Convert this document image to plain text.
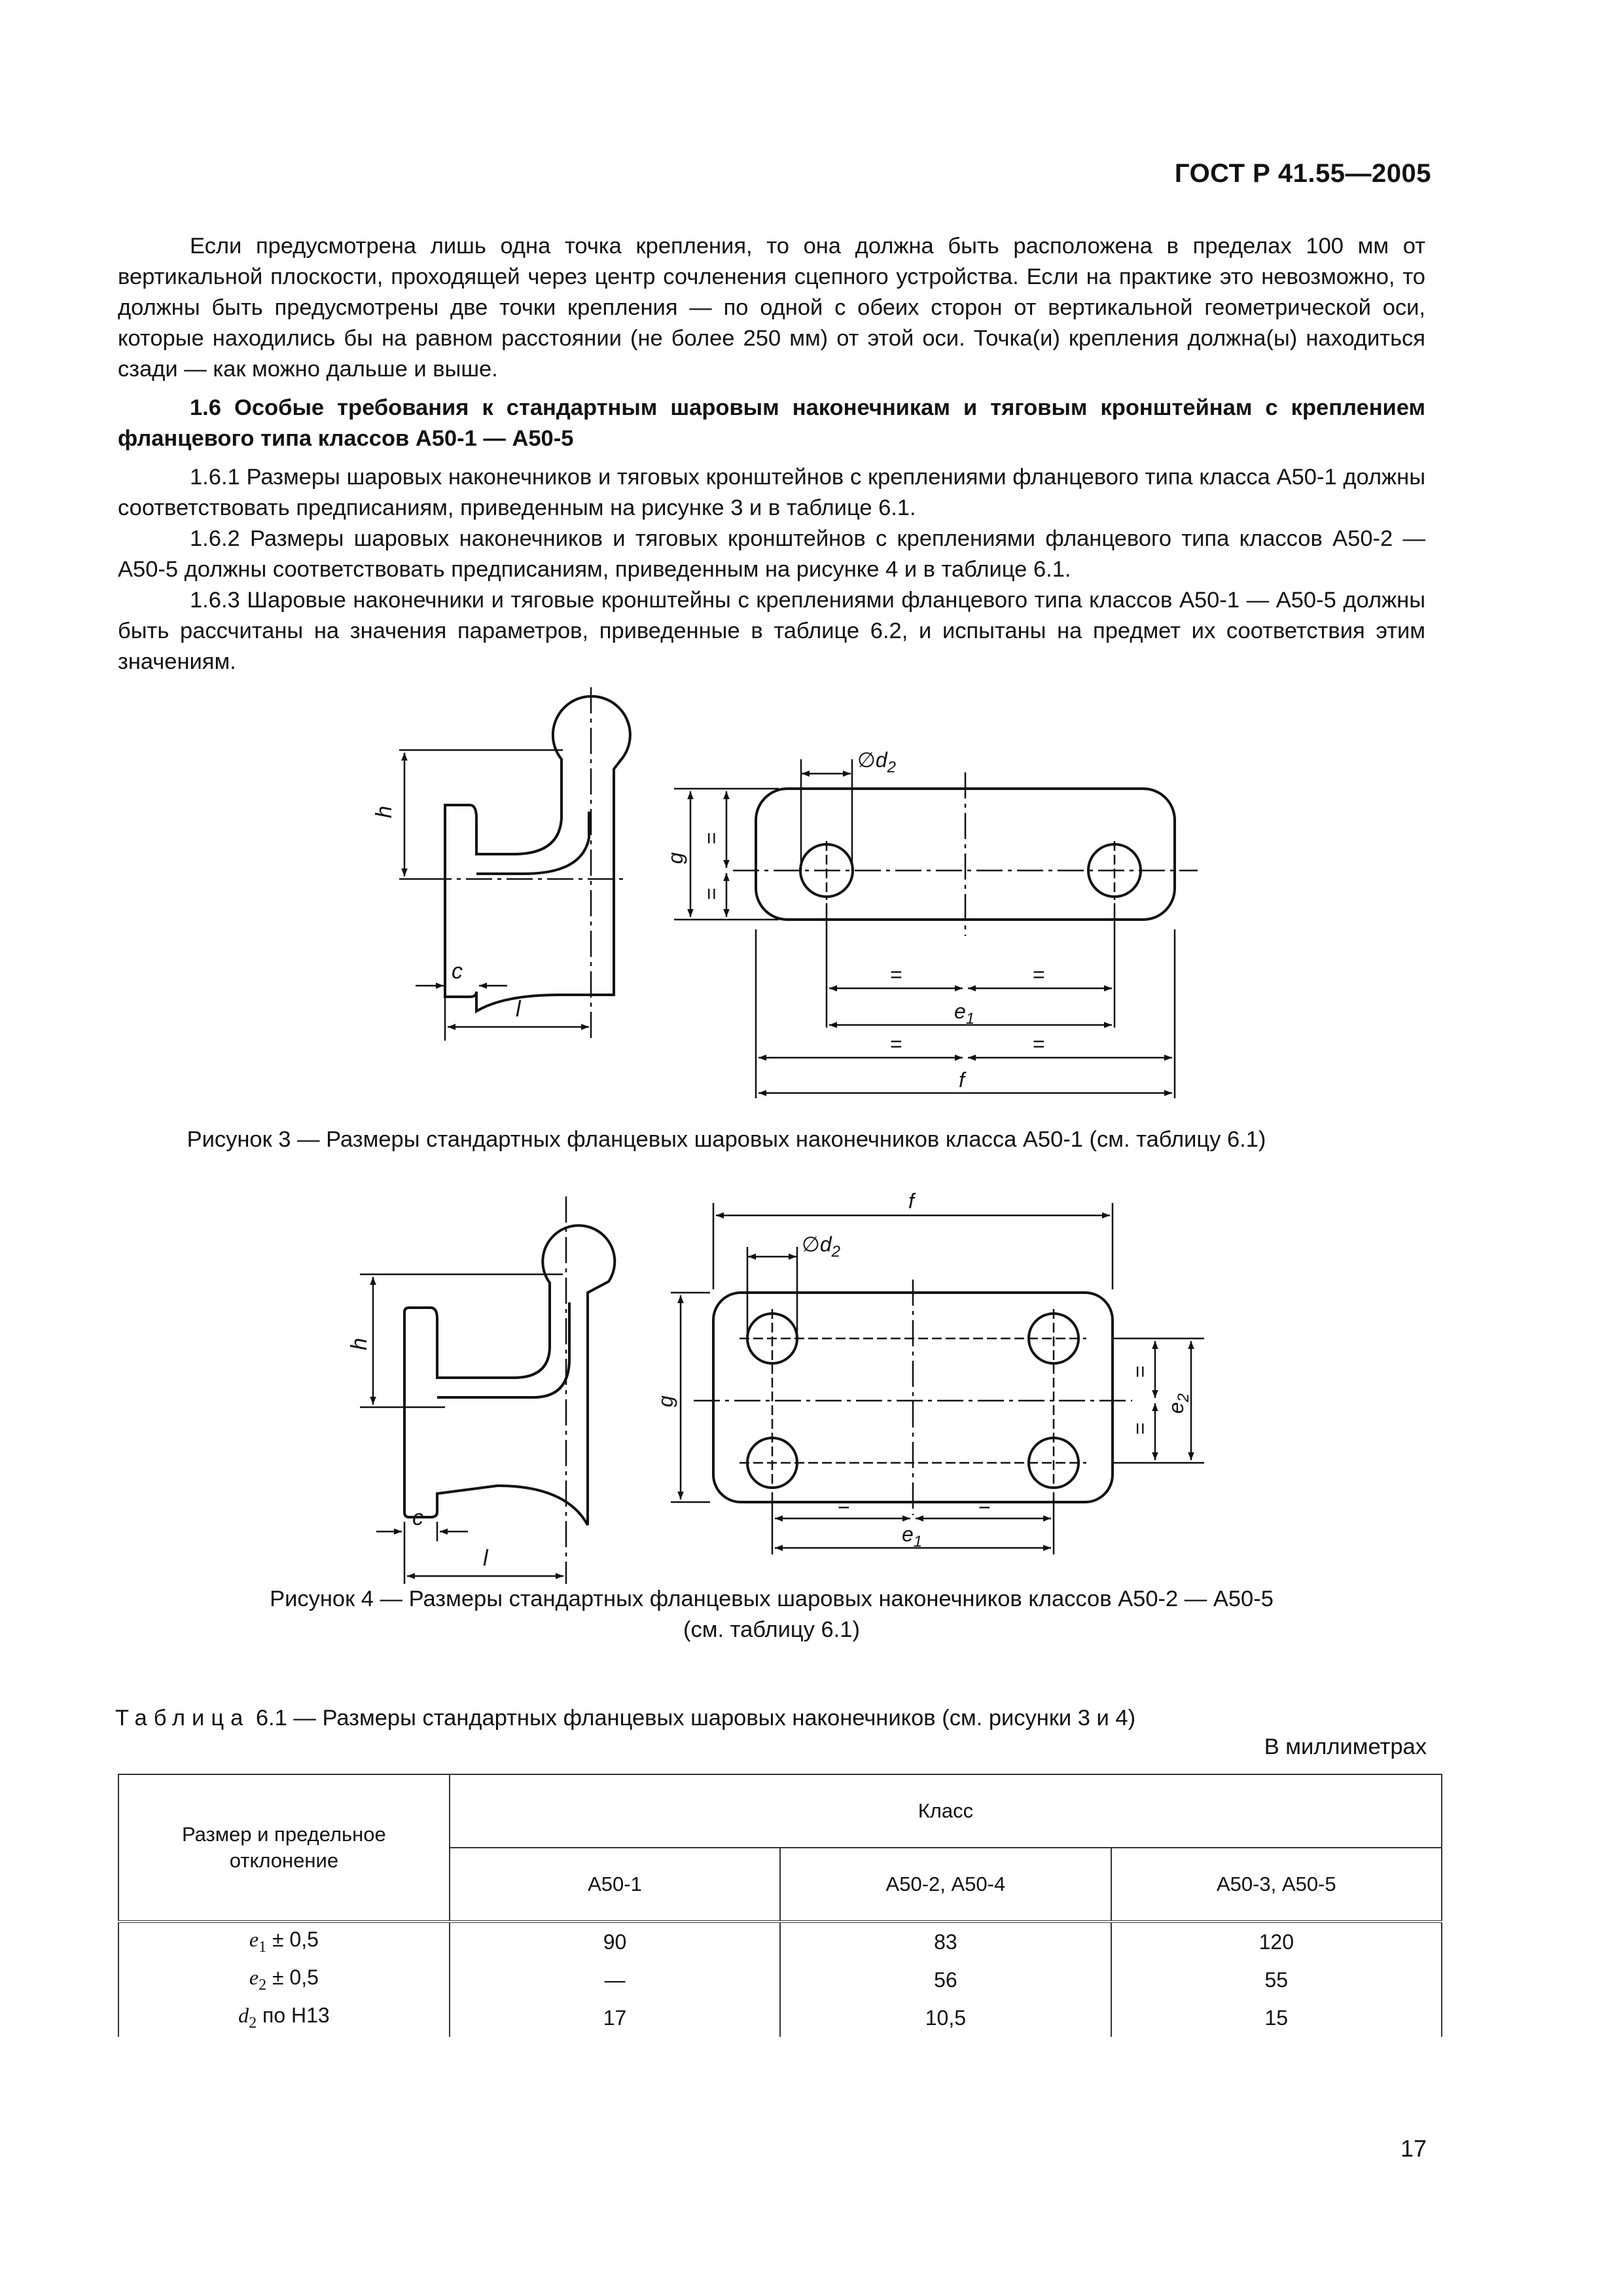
ГОСТ Р 41.55—2005

Если предусмотрена лишь одна точка крепления, то она должна быть расположена в пределах 100 мм от вертикальной плоскости, проходящей через центр сочленения сцепного устройства. Если на практике это невозможно, то должны быть предусмотрены две точки крепления — по одной с обеих сторон от вертикальной геометрической оси, которые находились бы на равном расстоянии (не более 250 мм) от этой оси. Точка(и) крепления должна(ы) находиться сзади — как можно дальше и выше.

1.6 Особые требования к стандартным шаровым наконечникам и тяговым кронштейнам с креплением фланцевого типа классов А50-1 — А50-5

1.6.1 Размеры шаровых наконечников и тяговых кронштейнов с креплениями фланцевого типа класса А50-1 должны соответствовать предписаниям, приведенным на рисунке 3 и в таблице 6.1.

1.6.2 Размеры шаровых наконечников и тяговых кронштейнов с креплениями фланцевого типа классов А50-2 — А50-5 должны соответствовать предписаниям, приведенным на рисунке 4 и в таблице 6.1.

1.6.3 Шаровые наконечники и тяговые кронштейны с креплениями фланцевого типа классов А50-1 — А50-5 должны быть рассчитаны на значения параметров, приведенные в таблице 6.2, и испытаны на предмет их соответствия этим значениям.

h
c
l
$\emptyset d_2$
g
=
=
=	=
$e_1$
=	=
f
Рисунок 3 — Размеры стандартных фланцевых шаровых наконечников класса А50-1 (см. таблицу 6.1)
h
c
l
f
$\emptyset d_2$
g
=
=
$e_2$
=	=
$e_1$
Рисунок 4 — Размеры стандартных фланцевых шаровых наконечников классов А50-2 — А50-5
(см. таблицу 6.1)
Таблица 6.1 — Размеры стандартных фланцевых шаровых наконечников (см. рисунки 3 и 4)
В миллиметрах
Размер и предельное отклонение	Класс		
	А50-1	А50-2, А50-4	А50-3, А50-5
$e_1 \pm 0,5$	90	83	120
$e_2 \pm 0,5$	—	56	55
$d_2$ по Н13	17	10,5	15
17
